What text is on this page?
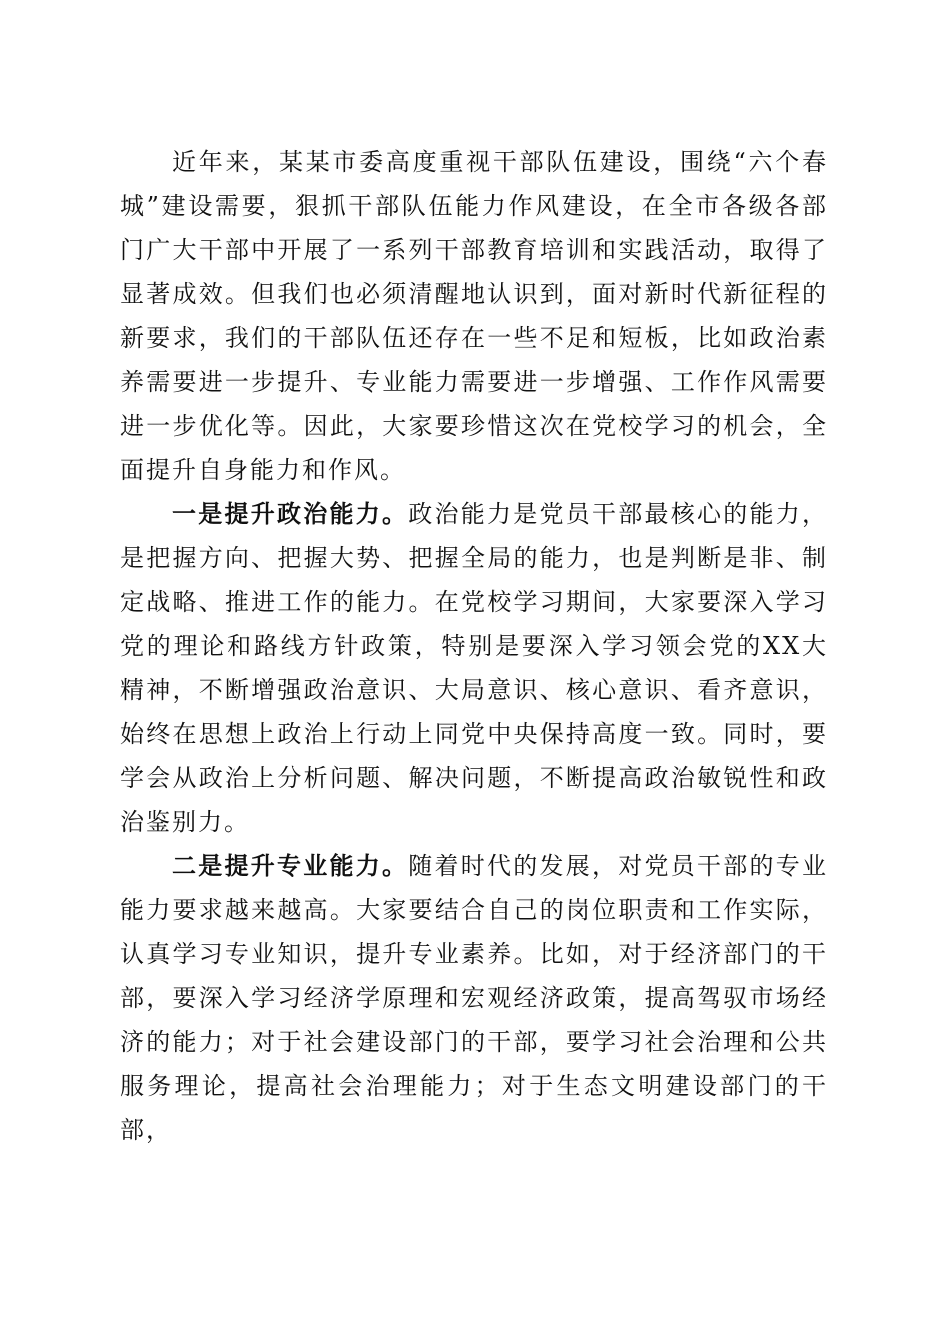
近年来，某某市委高度重视干部队伍建设，围绕“六个春城”建设需要，狠抓干部队伍能力作风建设，在全市各级各部门广大干部中开展了一系列干部教育培训和实践活动，取得了显著成效。但我们也必须清醒地认识到，面对新时代新征程的新要求，我们的干部队伍还存在一些不足和短板，比如政治素养需要进一步提升、专业能力需要进一步增强、工作作风需要进一步优化等。因此，大家要珍惜这次在党校学习的机会，全面提升自身能力和作风。

一是提升政治能力。政治能力是党员干部最核心的能力，是把握方向、把握大势、把握全局的能力，也是判断是非、制定战略、推进工作的能力。在党校学习期间，大家要深入学习党的理论和路线方针政策，特别是要深入学习领会党的XX大精神，不断增强政治意识、大局意识、核心意识、看齐意识，始终在思想上政治上行动上同党中央保持高度一致。同时，要学会从政治上分析问题、解决问题，不断提高政治敏锐性和政治鉴别力。

二是提升专业能力。随着时代的发展，对党员干部的专业能力要求越来越高。大家要结合自己的岗位职责和工作实际，认真学习专业知识，提升专业素养。比如，对于经济部门的干部，要深入学习经济学原理和宏观经济政策，提高驾驭市场经济的能力；对于社会建设部门的干部，要学习社会治理和公共服务理论，提高社会治理能力；对于生态文明建设部门的干部，
